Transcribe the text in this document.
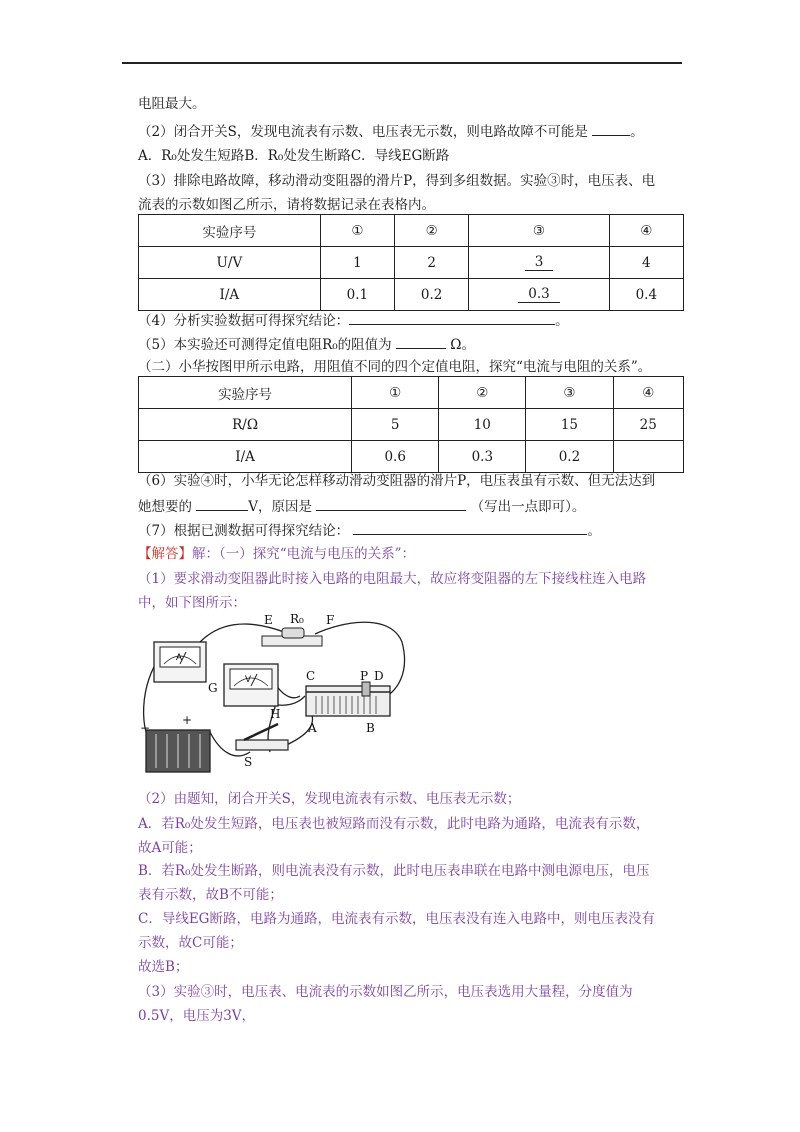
电阻最大。
（2）闭合开关S，发现电流表有示数、电压表无示数，则电路故障不可能是	。
A．R₀处发生短路B．R₀处发生断路C．导线EG断路
（3）排除电路故障，移动滑动变阻器的滑片P，得到多组数据。实验③时，电压表、电
流表的示数如图乙所示，请将数据记录在表格内。
实验序号	①	②	③	④
U/V	1	2	3	4
I/A	0.1	0.2	0.3	0.4
（4）分析实验数据可得探究结论：	。
（5）本实验还可测得定值电阻R₀的阻值为	Ω。
（二）小华按图甲所示电路，用阻值不同的四个定值电阻，探究“电流与电阻的关系”。
实验序号	①	②	③	④
R/Ω	5	10	15	25
I/A	0.6	0.3	0.2	
（6）实验④时，小华无论怎样移动滑动变阻器的滑片P，电压表虽有示数、但无法达到
她想要的	V，原因是	（写出一点即可）。
（7）根据已测数据可得探究结论：	。
【解答】解：（一）探究“电流与电压的关系”：
（1）要求滑动变阻器此时接入电路的电阻最大，故应将变阻器的左下接线柱连入电路
中，如下图所示：
A
V
E R₀ F
G
H
C	P D
A	B
S
−
+
（2）由题知，闭合开关S，发现电流表有示数、电压表无示数；
A．若R₀处发生短路，电压表也被短路而没有示数，此时电路为通路，电流表有示数，
故A可能；
B．若R₀处发生断路，则电流表没有示数，此时电压表串联在电路中测电源电压，电压
表有示数，故B不可能；
C．导线EG断路，电路为通路，电流表有示数，电压表没有连入电路中，则电压表没有
示数，故C可能；
故选B；
（3）实验③时，电压表、电流表的示数如图乙所示，电压表选用大量程，分度值为
0.5V，电压为3V，
